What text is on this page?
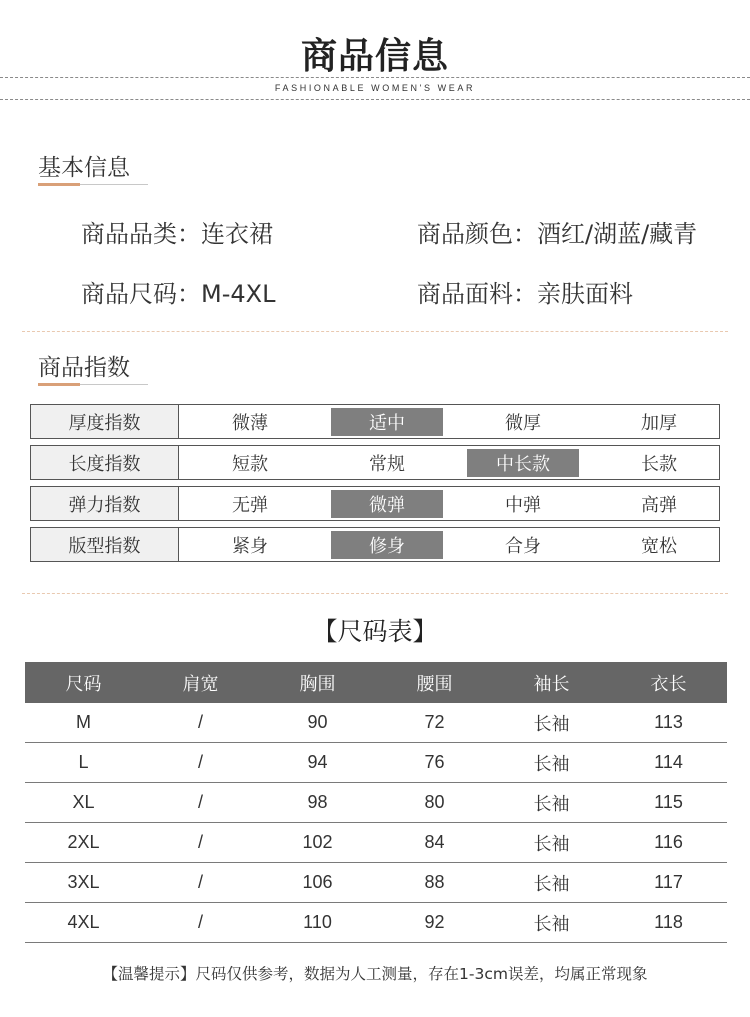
商品信息
FASHIONABLE WOMEN'S WEAR
基本信息
商品品类：连衣裙	商品颜色：酒红/湖蓝/藏青
商品尺码：M-4XL	商品面料：亲肤面料
商品指数
厚度指数	微薄	适中	微厚	加厚
长度指数	短款	常规	中长款	长款
弹力指数	无弹	微弹	中弹	高弹
版型指数	紧身	修身	合身	宽松
【尺码表】
尺码	肩宽	胸围	腰围	袖长	衣长
M	/	90	72	长袖	113
L	/	94	76	长袖	114
XL	/	98	80	长袖	115
2XL	/	102	84	长袖	116
3XL	/	106	88	长袖	117
4XL	/	110	92	长袖	118
【温馨提示】尺码仅供参考，数据为人工测量，存在1-3cm误差，均属正常现象
